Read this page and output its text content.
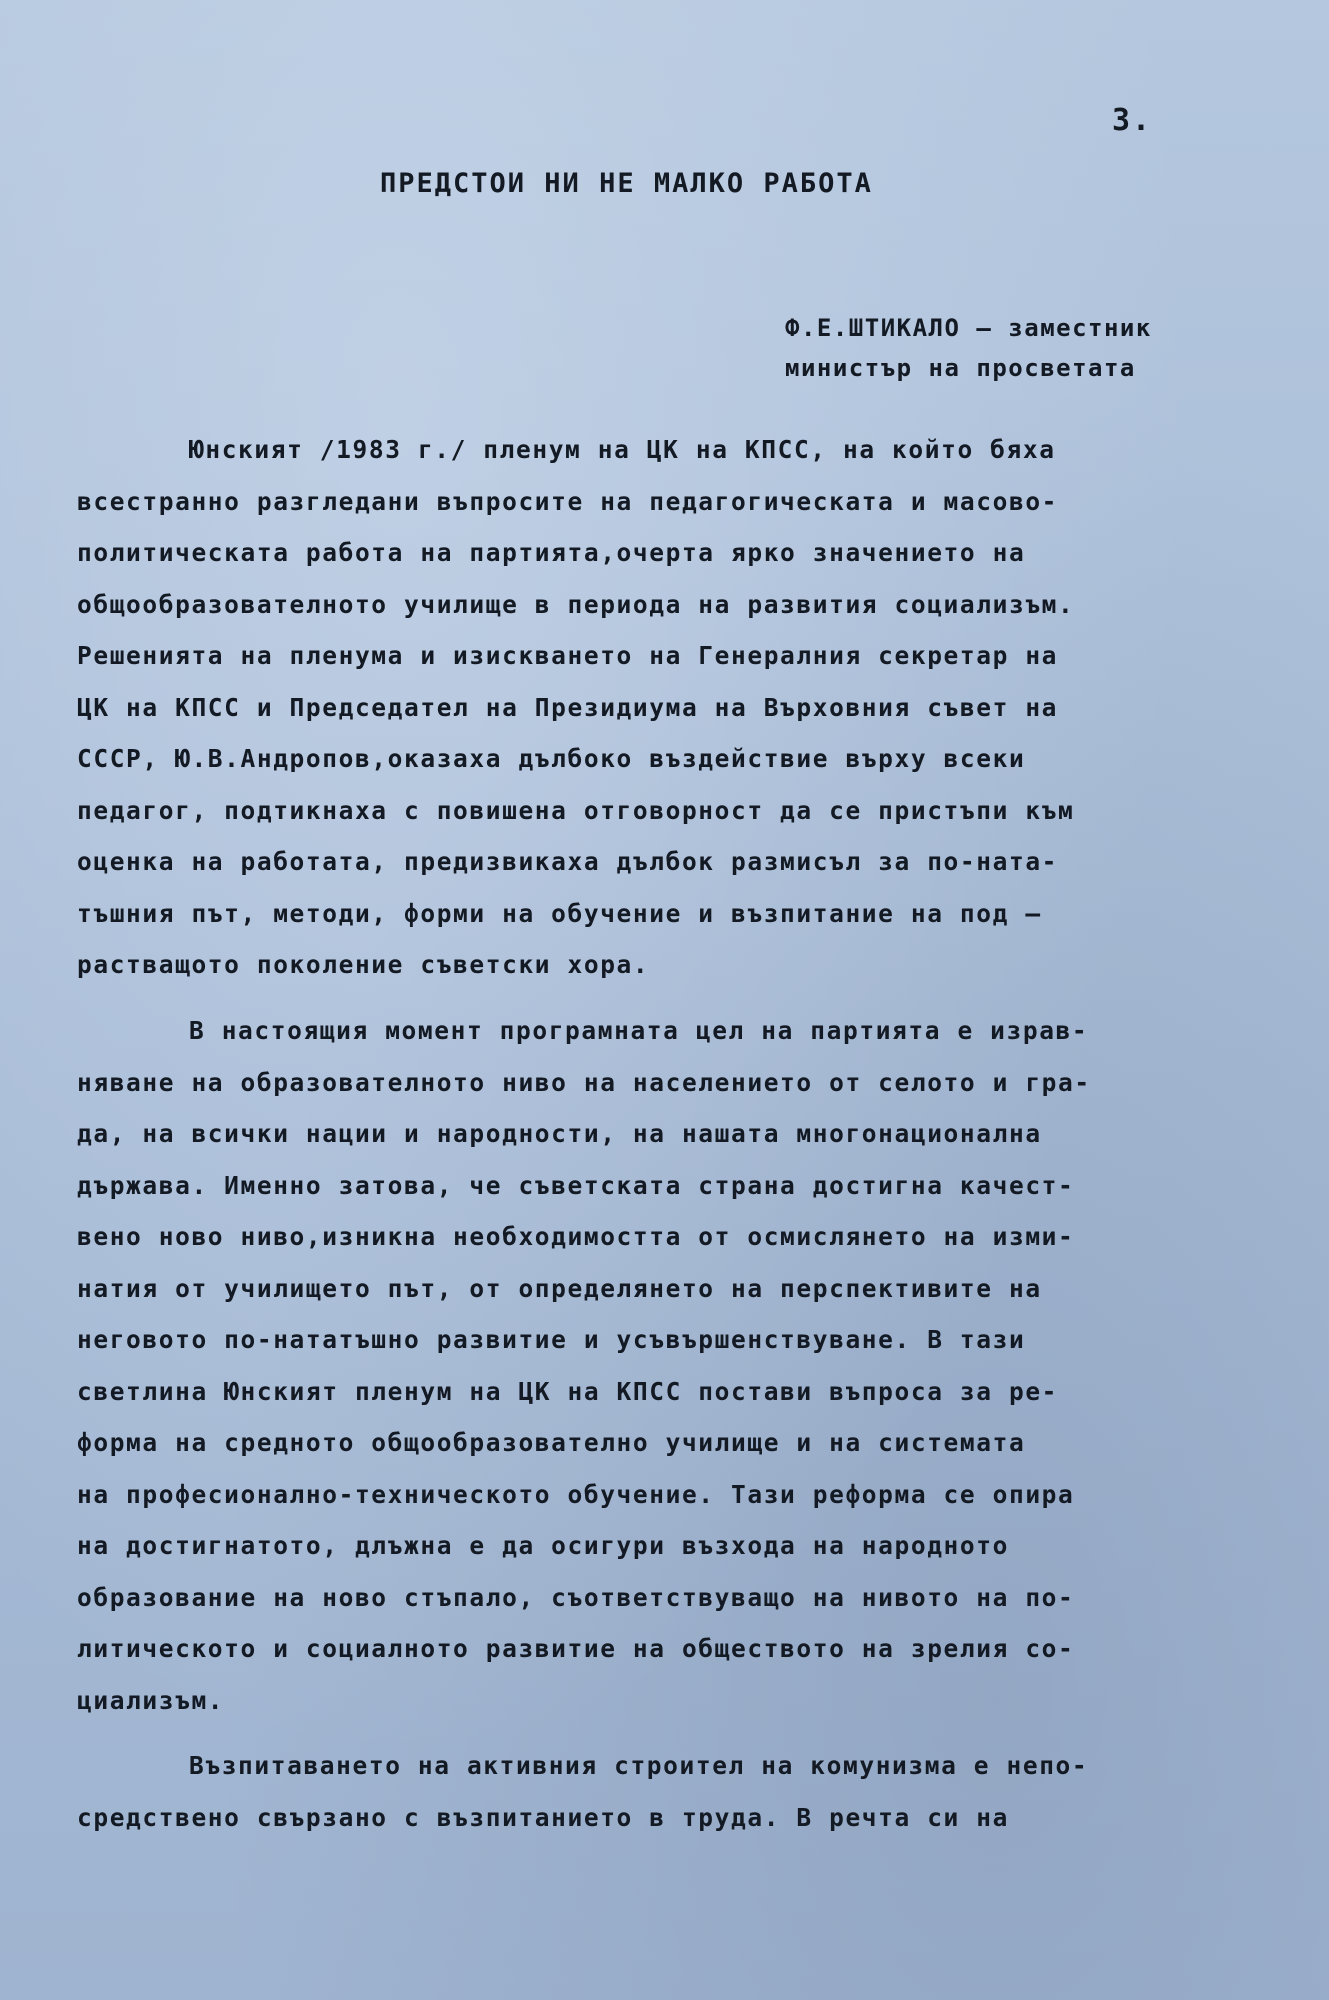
3.
ПРЕДСТОИ НИ НЕ МАЛКО РАБОТА
Ф.Е.ШТИКАЛО – заместник
министър на просветата
Юнският /1983 г./ пленум на ЦК на КПСС, на който бяха
всестранно разгледани въпросите на педагогическата и масово-
политическата работа на партията,очерта ярко значението на
общообразователното училище в периода на развития социализъм.
Решенията на пленума и изискването на Генералния секретар на
ЦК на КПСС и Председател на Президиума на Върховния съвет на
СССР, Ю.В.Андропов,оказаха дълбоко въздействие върху всеки
педагог, подтикнаха с повишена отговорност да се пристъпи към
оценка на работата, предизвикаха дълбок размисъл за по-ната-
тъшния път, методи, форми на обучение и възпитание на под –
растващото поколение съветски хора.
В настоящия момент програмната цел на партията е израв-
няване на образователното ниво на населението от селото и гра-
да, на всички нации и народности, на нашата многонационална
държава. Именно затова, че съветската страна достигна качест-
вено ново ниво,изникна необходимостта от осмислянето на изми-
натия от училището път, от определянето на перспективите на
неговото по-нататъшно развитие и усъвършенствуване. В тази
светлина Юнският пленум на ЦК на КПСС постави въпроса за ре-
форма на средното общообразователно училище и на системата
на професионално-техническото обучение. Тази реформа се опира
на достигнатото, длъжна е да осигури възхода на народното
образование на ново стъпало, съответствуващо на нивото на по-
литическото и социалното развитие на обществото на зрелия со-
циализъм.
Възпитаването на активния строител на комунизма е непо-
средствено свързано с възпитанието в труда. В речта си на
